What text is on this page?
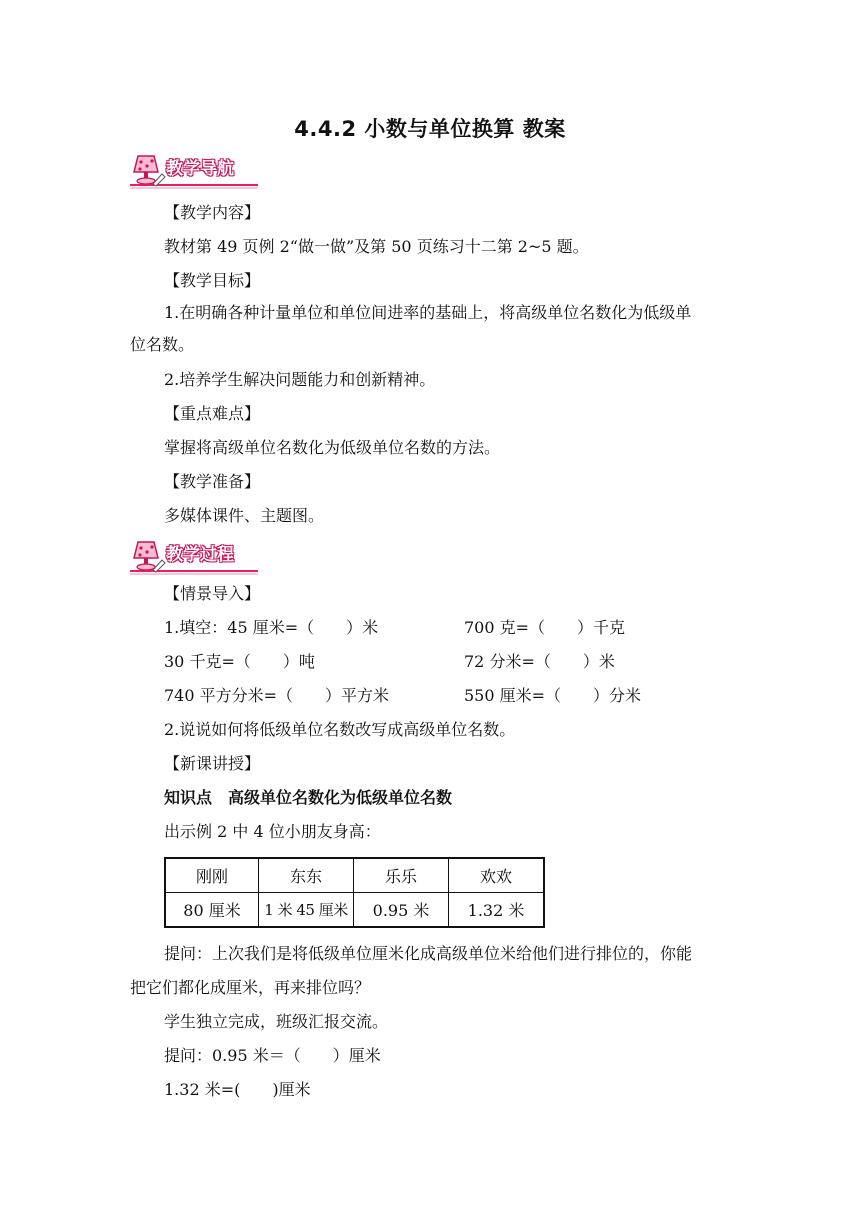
4.4.2 小数与单位换算 教案
教学导航
【教学内容】
教材第 49 页例 2“做一做”及第 50 页练习十二第 2~5 题。
【教学目标】
1.在明确各种计量单位和单位间进率的基础上，将高级单位名数化为低级单
位名数。
2.培养学生解决问题能力和创新精神。
【重点难点】
掌握将高级单位名数化为低级单位名数的方法。
【教学准备】
多媒体课件、主题图。
教学过程
【情景导入】
1.填空：45 厘米=（　　）米	700 克=（　　）千克
30 千克=（　　）吨	72 分米=（　　）米
740 平方分米=（　　）平方米	550 厘米=（　　）分米
2.说说如何将低级单位名数改写成高级单位名数。
【新课讲授】
知识点　高级单位名数化为低级单位名数
出示例 2 中 4 位小朋友身高：
刚刚	东东	乐乐	欢欢
80 厘米	1 米 45 厘米	0.95 米	1.32 米
提问：上次我们是将低级单位厘米化成高级单位米给他们进行排位的，你能
把它们都化成厘米，再来排位吗？
学生独立完成，班级汇报交流。
提问：0.95 米＝（　　）厘米
1.32 米=(　　)厘米
